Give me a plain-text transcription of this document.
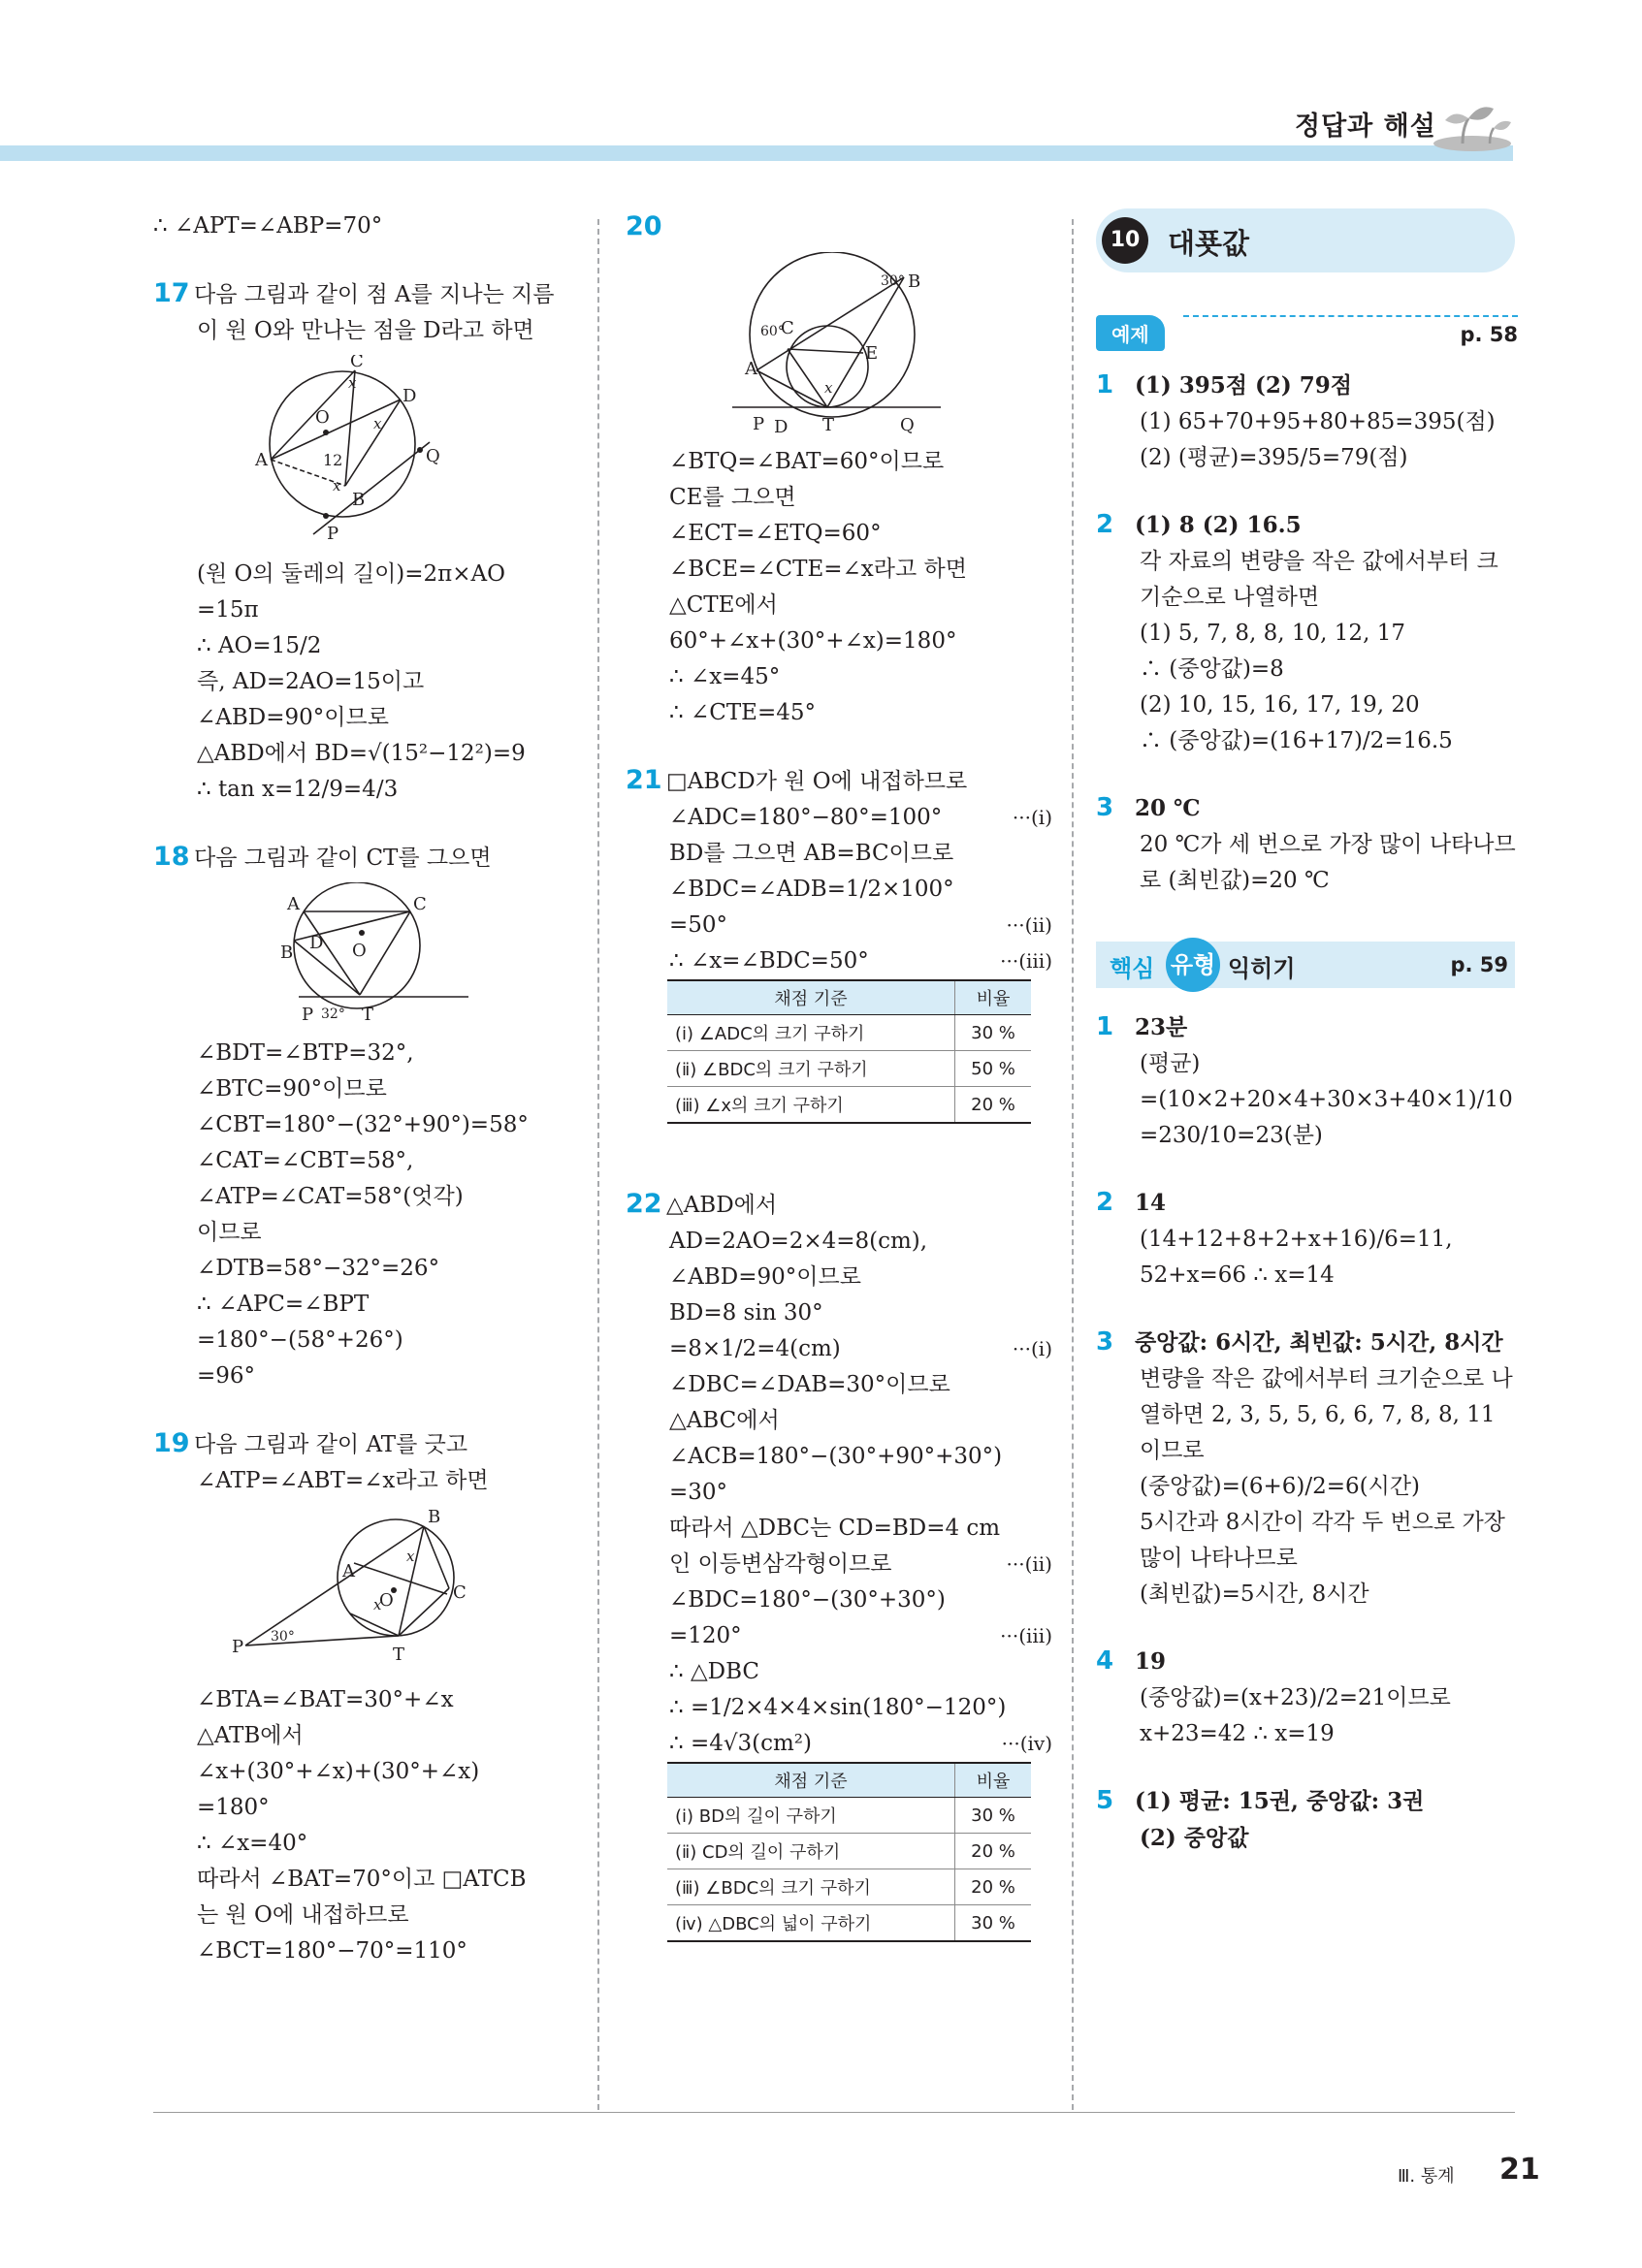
정답과 해설
∴ ∠APT=∠ABP=70°
17 다음 그림과 같이 점 A를 지나는 지름
이 원 O와 만나는 점을 D라고 하면
C
D
O
A	12
B
Q
P
x
x
x
(원 O의 둘레의 길이)=2π×AO
=15π
∴ AO=15/2
즉, AD=2AO=15이고
∠ABD=90°이므로
△ABD에서 BD=√(15²−12²)=9
∴ tan x=12/9=4/3
18 다음 그림과 같이 CT를 그으면
A	C
O
B D
P 32° T
∠BDT=∠BTP=32°,
∠BTC=90°이므로
∠CBT=180°−(32°+90°)=58°
∠CAT=∠CBT=58°,
∠ATP=∠CAT=58°(엇각)
이므로
∠DTB=58°−32°=26°
∴ ∠APC=∠BPT
=180°−(58°+26°)
=96°
19 다음 그림과 같이 AT를 긋고
∠ATP=∠ABT=∠x라고 하면
B
A
C
O
P 30°
T
x
x
∠BTA=∠BAT=30°+∠x
△ATB에서
∠x+(30°+∠x)+(30°+∠x)
=180°
∴ ∠x=40°
따라서 ∠BAT=70°이고 □ATCB
는 원 O에 내접하므로
∠BCT=180°−70°=110°
20
B
30°
A
60°
C
E
x
P D T	Q
∠BTQ=∠BAT=60°이므로
CE를 그으면
∠ECT=∠ETQ=60°
∠BCE=∠CTE=∠x라고 하면
△CTE에서
60°+∠x+(30°+∠x)=180°
∴ ∠x=45°
∴ ∠CTE=45°
21 □ABCD가 원 O에 내접하므로
∠ADC=180°−80°=100°	···(ⅰ)
BD를 그으면 AB=BC이므로
∠BDC=∠ADB=1/2×100°
=50°	···(ⅱ)
∴ ∠x=∠BDC=50°	···(ⅲ)
채점 기준	비율
(ⅰ) ∠ADC의 크기 구하기	30 %
(ⅱ) ∠BDC의 크기 구하기	50 %
(ⅲ) ∠x의 크기 구하기	20 %
22 △ABD에서
AD=2AO=2×4=8(cm),
∠ABD=90°이므로
BD=8 sin 30°
=8×1/2=4(cm)	···(ⅰ)
∠DBC=∠DAB=30°이므로
△ABC에서
∠ACB=180°−(30°+90°+30°)
=30°
따라서 △DBC는 CD=BD=4 cm
인 이등변삼각형이므로	···(ⅱ)
∠BDC=180°−(30°+30°)
=120°	···(ⅲ)
∴ △DBC
∴ =1/2×4×4×sin(180°−120°)
∴ =4√3(cm²)	···(ⅳ)
채점 기준	비율
(ⅰ) BD의 길이 구하기	30 %
(ⅱ) CD의 길이 구하기	20 %
(ⅲ) ∠BDC의 크기 구하기	20 %
(ⅳ) △DBC의 넓이 구하기	30 %
10강
대푯값
예제	p. 58
1 (1) 395점 (2) 79점
(1) 65+70+95+80+85=395(점)
(2) (평균)=395/5=79(점)
2 (1) 8 (2) 16.5
각 자료의 변량을 작은 값에서부터 크
기순으로 나열하면
(1) 5, 7, 8, 8, 10, 12, 17
∴ (중앙값)=8
(2) 10, 15, 16, 17, 19, 20
∴ (중앙값)=(16+17)/2=16.5
3 20 ℃
20 ℃가 세 번으로 가장 많이 나타나므
로 (최빈값)=20 ℃
핵심 유형 익히기	p. 59
1 23분
(평균)
=(10×2+20×4+30×3+40×1)/10
=230/10=23(분)
2 14
(14+12+8+2+x+16)/6=11,
52+x=66 ∴ x=14
3 중앙값: 6시간, 최빈값: 5시간, 8시간
변량을 작은 값에서부터 크기순으로 나
열하면 2, 3, 5, 5, 6, 6, 7, 8, 8, 11
이므로
(중앙값)=(6+6)/2=6(시간)
5시간과 8시간이 각각 두 번으로 가장
많이 나타나므로
(최빈값)=5시간, 8시간
4 19
(중앙값)=(x+23)/2=21이므로
x+23=42 ∴ x=19
5 (1) 평균: 15권, 중앙값: 3권
(2) 중앙값
Ⅲ. 통계 21
